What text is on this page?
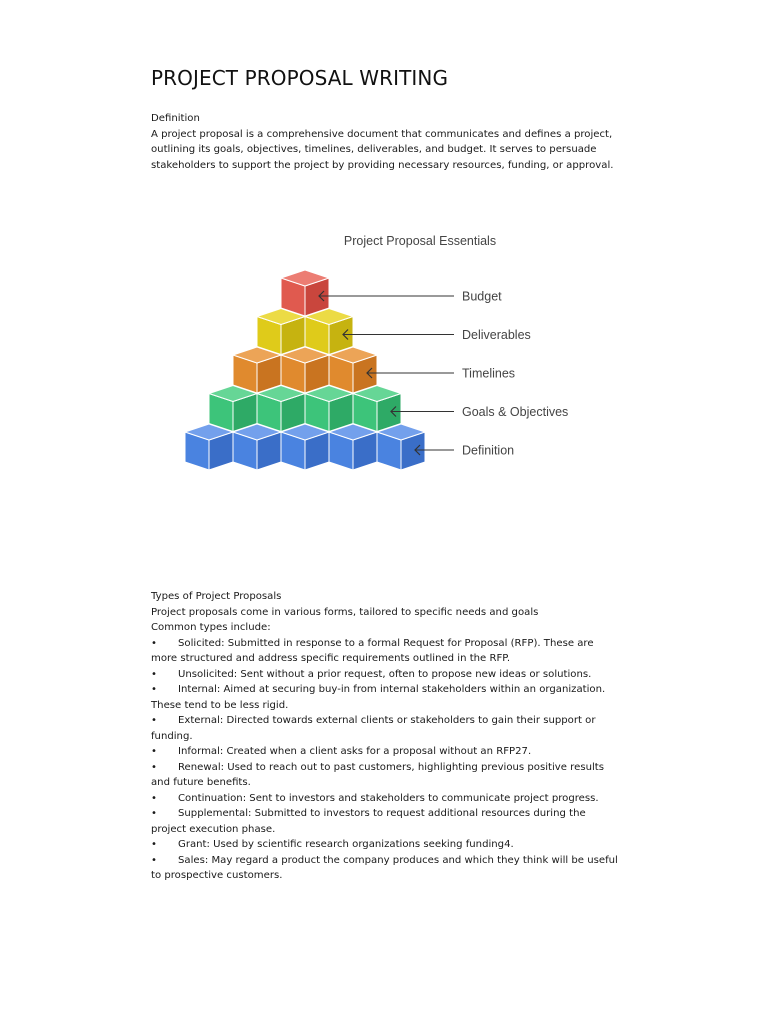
PROJECT PROPOSAL WRITING

Definition

A project proposal is a comprehensive document that communicates and defines a project, outlining its goals, objectives, timelines, deliverables, and budget. It serves to persuade stakeholders to support the project by providing necessary resources, funding, or approval.

Project Proposal Essentials
Budget
Deliverables
Timelines
Goals & Objectives
Definition

Types of Project Proposals

Project proposals come in various forms, tailored to specific needs and goals

Common types include:

• Solicited: Submitted in response to a formal Request for Proposal (RFP). These are more structured and address specific requirements outlined in the RFP.
• Unsolicited: Sent without a prior request, often to propose new ideas or solutions.
• Internal: Aimed at securing buy-in from internal stakeholders within an organization. These tend to be less rigid.
• External: Directed towards external clients or stakeholders to gain their support or funding.
• Informal: Created when a client asks for a proposal without an RFP27.
• Renewal: Used to reach out to past customers, highlighting previous positive results and future benefits.
• Continuation: Sent to investors and stakeholders to communicate project progress.
• Supplemental: Submitted to investors to request additional resources during the project execution phase.
• Grant: Used by scientific research organizations seeking funding4.
• Sales: May regard a product the company produces and which they think will be useful to prospective customers.
